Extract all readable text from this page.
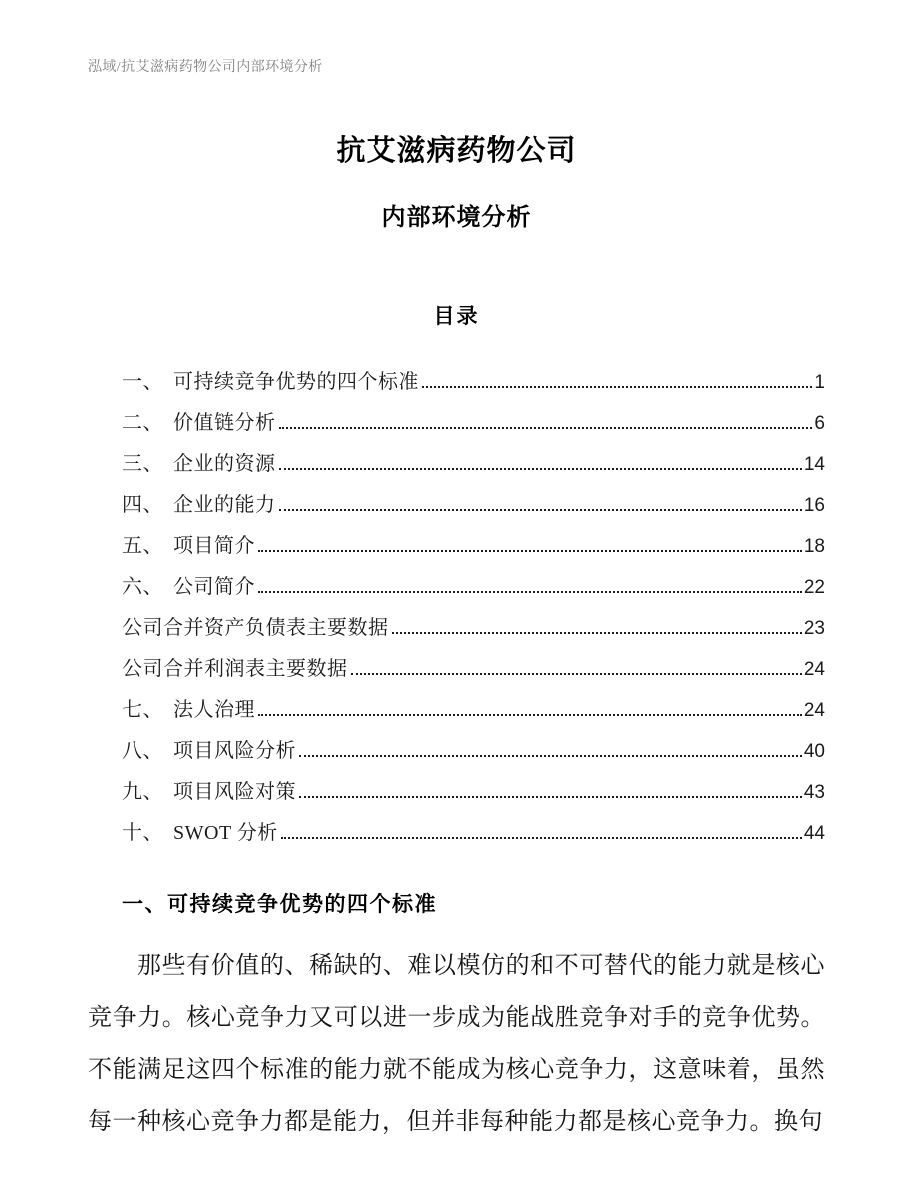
泓域/抗艾滋病药物公司内部环境分析
抗艾滋病药物公司
内部环境分析
目录
一、 可持续竞争优势的四个标准	1
二、 价值链分析	6
三、 企业的资源	14
四、 企业的能力	16
五、 项目简介	18
六、 公司简介	22
公司合并资产负债表主要数据	23
公司合并利润表主要数据	24
七、 法人治理	24
八、 项目风险分析	40
九、 项目风险对策	43
十、 SWOT 分析	44
一、可持续竞争优势的四个标准
那些有价值的、稀缺的、难以模仿的和不可替代的能力就是核心竞争力。核心竞争力又可以进一步成为能战胜竞争对手的竞争优势。不能满足这四个标准的能力就不能成为核心竞争力，这意味着，虽然每一种核心竞争力都是能力，但并非每种能力都是核心竞争力。换句
